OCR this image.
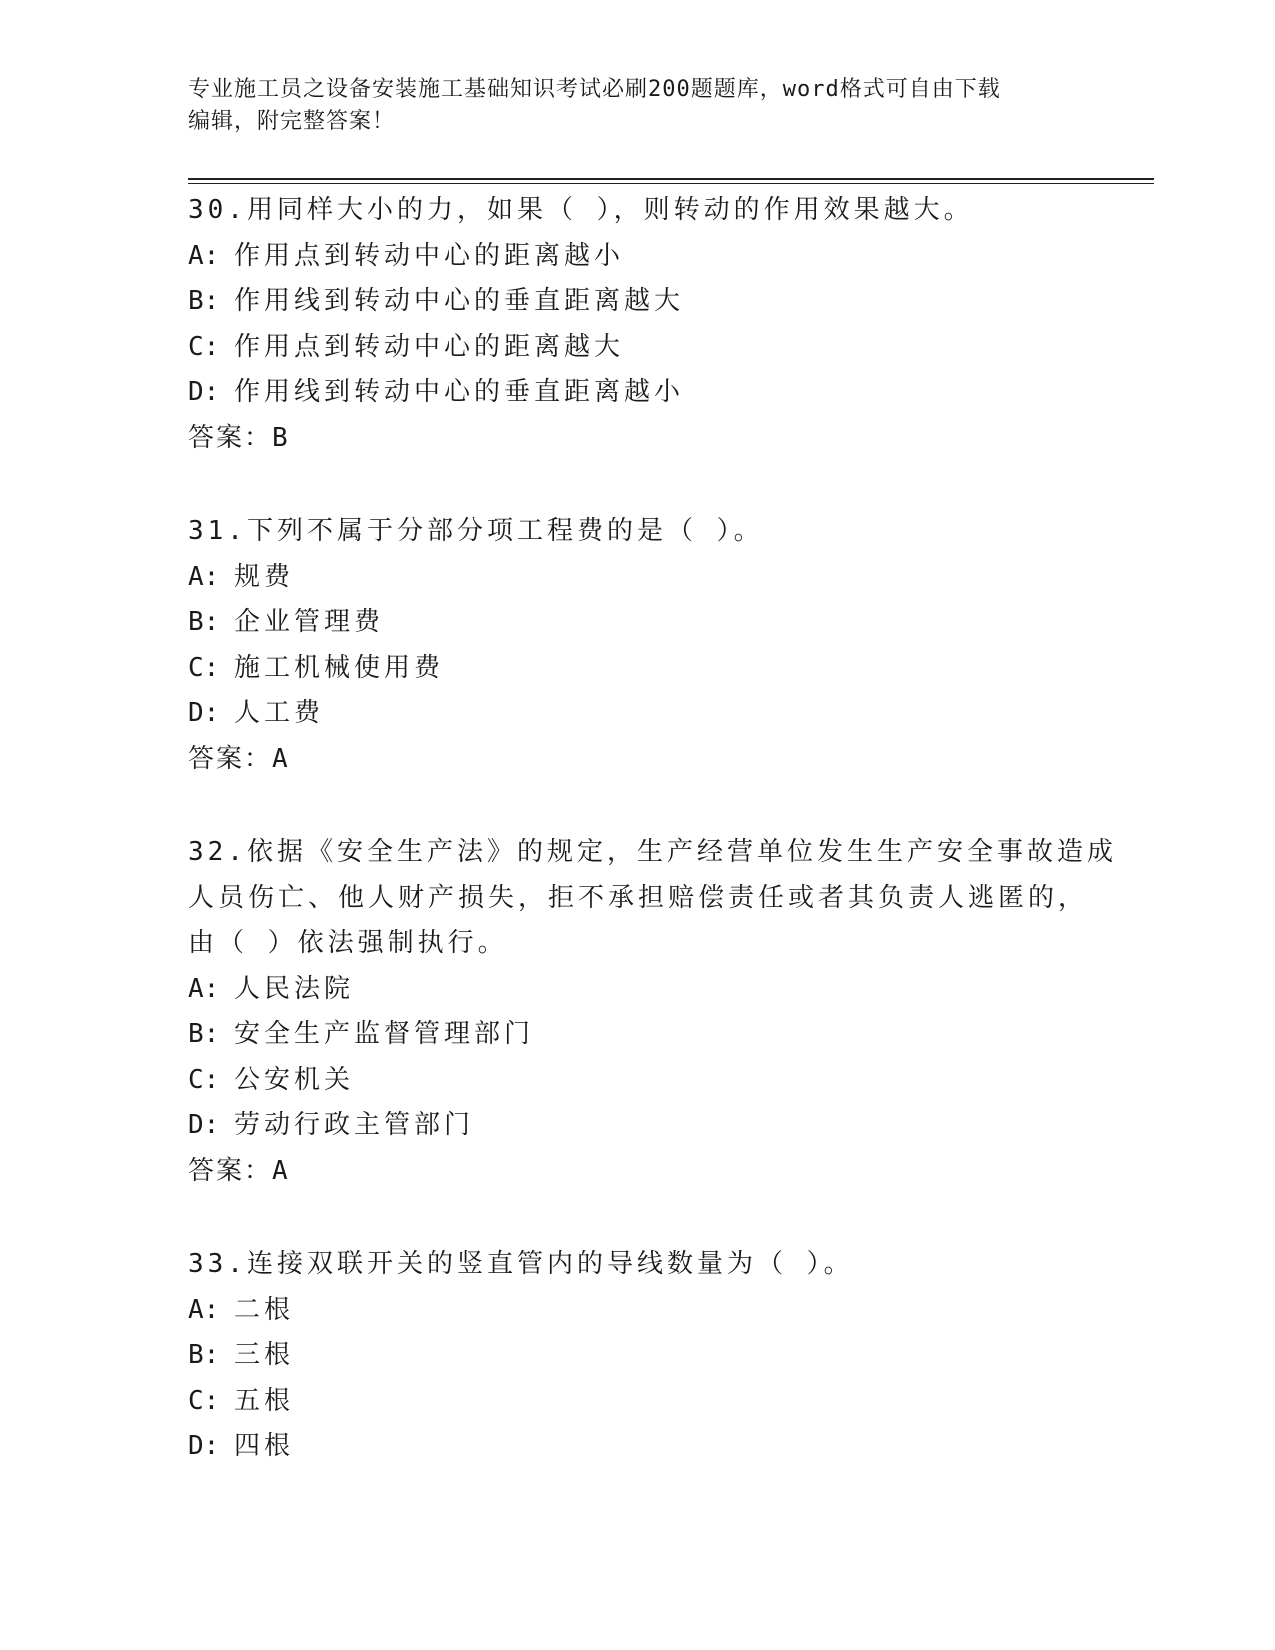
专业施工员之设备安装施工基础知识考试必刷200题题库，word格式可自由下载
编辑，附完整答案！
30.用同样大小的力，如果（ ），则转动的作用效果越大。
A: 作用点到转动中心的距离越小
B: 作用线到转动中心的垂直距离越大
C: 作用点到转动中心的距离越大
D: 作用线到转动中心的垂直距离越小
答案：B
31.下列不属于分部分项工程费的是（ ）。
A: 规费
B: 企业管理费
C: 施工机械使用费
D: 人工费
答案：A
32.依据《安全生产法》的规定，生产经营单位发生生产安全事故造成
人员伤亡、他人财产损失，拒不承担赔偿责任或者其负责人逃匿的，
由（ ）依法强制执行。
A: 人民法院
B: 安全生产监督管理部门
C: 公安机关
D: 劳动行政主管部门
答案：A
33.连接双联开关的竖直管内的导线数量为（ ）。
A: 二根
B: 三根
C: 五根
D: 四根
